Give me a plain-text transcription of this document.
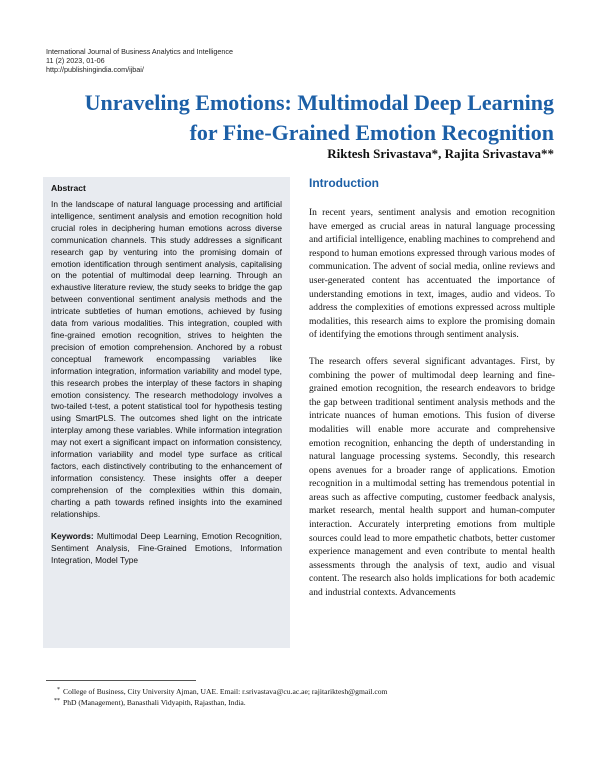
International Journal of Business Analytics and Intelligence
11 (2) 2023, 01-06
http://publishingindia.com/ijbai/
Unraveling Emotions: Multimodal Deep Learning
for Fine-Grained Emotion Recognition
Riktesh Srivastava*, Rajita Srivastava**
Abstract

In the landscape of natural language processing and artificial intelligence, sentiment analysis and emotion recognition hold crucial roles in deciphering human emotions across diverse communication channels. This study addresses a significant research gap by venturing into the promising domain of emotion identification through sentiment analysis, capitalising on the potential of multimodal deep learning. Through an exhaustive literature review, the study seeks to bridge the gap between conventional sentiment analysis methods and the intricate subtleties of human emotions, achieved by fusing data from various modalities. This integration, coupled with fine-grained emotion recognition, strives to heighten the precision of emotion comprehension. Anchored by a robust conceptual framework encompassing variables like information integration, information variability and model type, this research probes the interplay of these factors in shaping emotion consistency. The research methodology involves a two-tailed t-test, a potent statistical tool for hypothesis testing using SmartPLS. The outcomes shed light on the intricate interplay among these variables. While information integration may not exert a significant impact on information consistency, information variability and model type surface as critical factors, each distinctively contributing to the enhancement of information consistency. These insights offer a deeper comprehension of the complexities within this domain, charting a path towards refined insights into the examined relationships.

Keywords: Multimodal Deep Learning, Emotion Recognition, Sentiment Analysis, Fine-Grained Emotions, Information Integration, Model Type

Introduction

In recent years, sentiment analysis and emotion recognition have emerged as crucial areas in natural language processing and artificial intelligence, enabling machines to comprehend and respond to human emotions expressed through various modes of communication. The advent of social media, online reviews and user-generated content has accentuated the importance of understanding emotions in text, images, audio and videos. To address the complexities of emotions expressed across multiple modalities, this research aims to explore the promising domain of identifying the emotions through sentiment analysis.

The research offers several significant advantages. First, by combining the power of multimodal deep learning and fine-grained emotion recognition, the research endeavors to bridge the gap between traditional sentiment analysis methods and the intricate nuances of human emotions. This fusion of diverse modalities will enable more accurate and comprehensive emotion recognition, enhancing the depth of understanding in natural language processing systems. Secondly, this research opens avenues for a broader range of applications. Emotion recognition in a multimodal setting has tremendous potential in areas such as affective computing, customer feedback analysis, market research, mental health support and human-computer interaction. Accurately interpreting emotions from multiple sources could lead to more empathetic chatbots, better customer experience management and even contribute to mental health assessments through the analysis of text, audio and visual content. The research also holds implications for both academic and industrial contexts. Advancements

* College of Business, City University Ajman, UAE. Email: r.srivastava@cu.ac.ae; rajitariktesh@gmail.com
** PhD (Management), Banasthali Vidyapith, Rajasthan, India.
